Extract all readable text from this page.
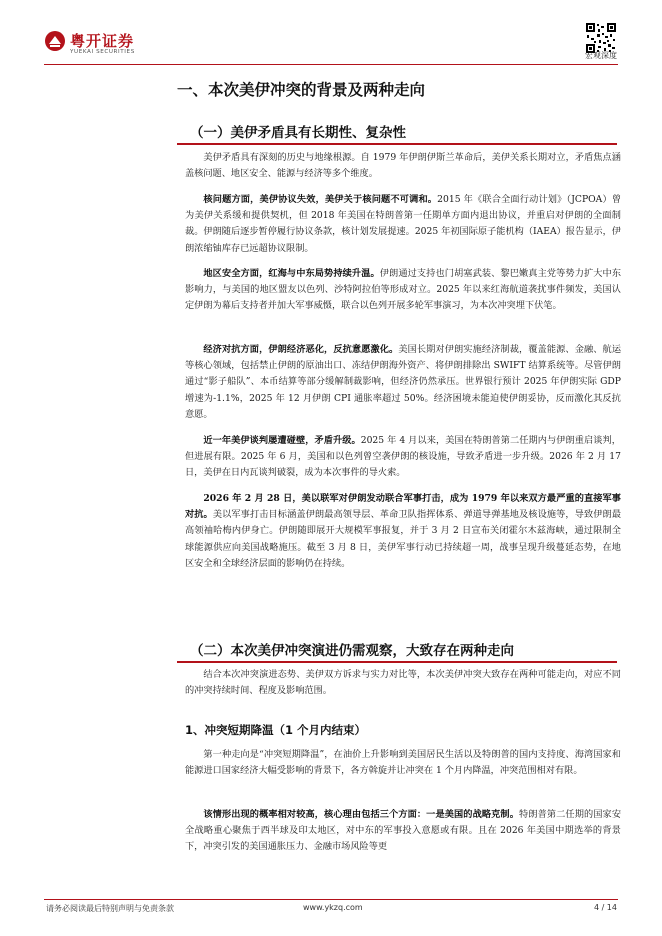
粤开证券
YUEKAI SECURITIES	宏观深度
一、本次美伊冲突的背景及两种走向
（一）美伊矛盾具有长期性、复杂性
美伊矛盾具有深刻的历史与地缘根源。自 1979 年伊朗伊斯兰革命后，美伊关系长期对立，矛盾焦点涵盖核问题、地区安全、能源与经济等多个维度。
核问题方面，美伊协议失效，美伊关于核问题不可调和。2015 年《联合全面行动计划》（JCPOA）曾为美伊关系缓和提供契机，但 2018 年美国在特朗普第一任期单方面内退出协议，并重启对伊朗的全面制裁。伊朗随后逐步暂停履行协议条款，核计划发展提速。2025 年初国际原子能机构（IAEA）报告显示，伊朗浓缩铀库存已远超协议限制。
地区安全方面，红海与中东局势持续升温。伊朗通过支持也门胡塞武装、黎巴嫩真主党等势力扩大中东影响力，与美国的地区盟友以色列、沙特阿拉伯等形成对立。2025 年以来红海航道袭扰事件频发，美国认定伊朗为幕后支持者并加大军事威慑，联合以色列开展多轮军事演习，为本次冲突埋下伏笔。
经济对抗方面，伊朗经济恶化，反抗意愿激化。美国长期对伊朗实施经济制裁，覆盖能源、金融、航运等核心领域，包括禁止伊朗的原油出口、冻结伊朗海外资产、将伊朗排除出 SWIFT 结算系统等。尽管伊朗通过“影子船队”、本币结算等部分缓解制裁影响，但经济仍然承压。世界银行预计 2025 年伊朗实际 GDP 增速为-1.1%，2025 年 12 月伊朗 CPI 通胀率超过 50%。经济困境未能迫使伊朗妥协，反而激化其反抗意愿。
近一年美伊谈判屡遭碰壁，矛盾升级。2025 年 4 月以来，美国在特朗普第二任期内与伊朗重启谈判，但进展有限。2025 年 6 月，美国和以色列曾空袭伊朗的核设施，导致矛盾进一步升级。2026 年 2 月 17 日，美伊在日内瓦谈判破裂，成为本次事件的导火索。
2026 年 2 月 28 日，美以联军对伊朗发动联合军事打击，成为 1979 年以来双方最严重的直接军事对抗。美以军事打击目标涵盖伊朗最高领导层、革命卫队指挥体系、弹道导弹基地及核设施等，导致伊朗最高领袖哈梅内伊身亡。伊朗随即展开大规模军事报复，并于 3 月 2 日宣布关闭霍尔木兹海峡，通过限制全球能源供应向美国战略施压。截至 3 月 8 日，美伊军事行动已持续超一周，战事呈现升级蔓延态势，在地区安全和全球经济层面的影响仍在持续。
（二）本次美伊冲突演进仍需观察，大致存在两种走向
结合本次冲突演进态势、美伊双方诉求与实力对比等，本次美伊冲突大致存在两种可能走向，对应不同的冲突持续时间、程度及影响范围。
1、冲突短期降温（1 个月内结束）
第一种走向是“冲突短期降温”，在油价上升影响到美国居民生活以及特朗普的国内支持度、海湾国家和能源进口国家经济大幅受影响的背景下，各方斡旋并让冲突在 1 个月内降温，冲突范围相对有限。
该情形出现的概率相对较高，核心理由包括三个方面：一是美国的战略克制。特朗普第二任期的国家安全战略重心聚焦于西半球及印太地区，对中东的军事投入意愿或有限。且在 2026 年美国中期选举的背景下，冲突引发的美国通胀压力、金融市场风险等更
请务必阅读最后特别声明与免责条款	www.ykzq.com	4 / 14
